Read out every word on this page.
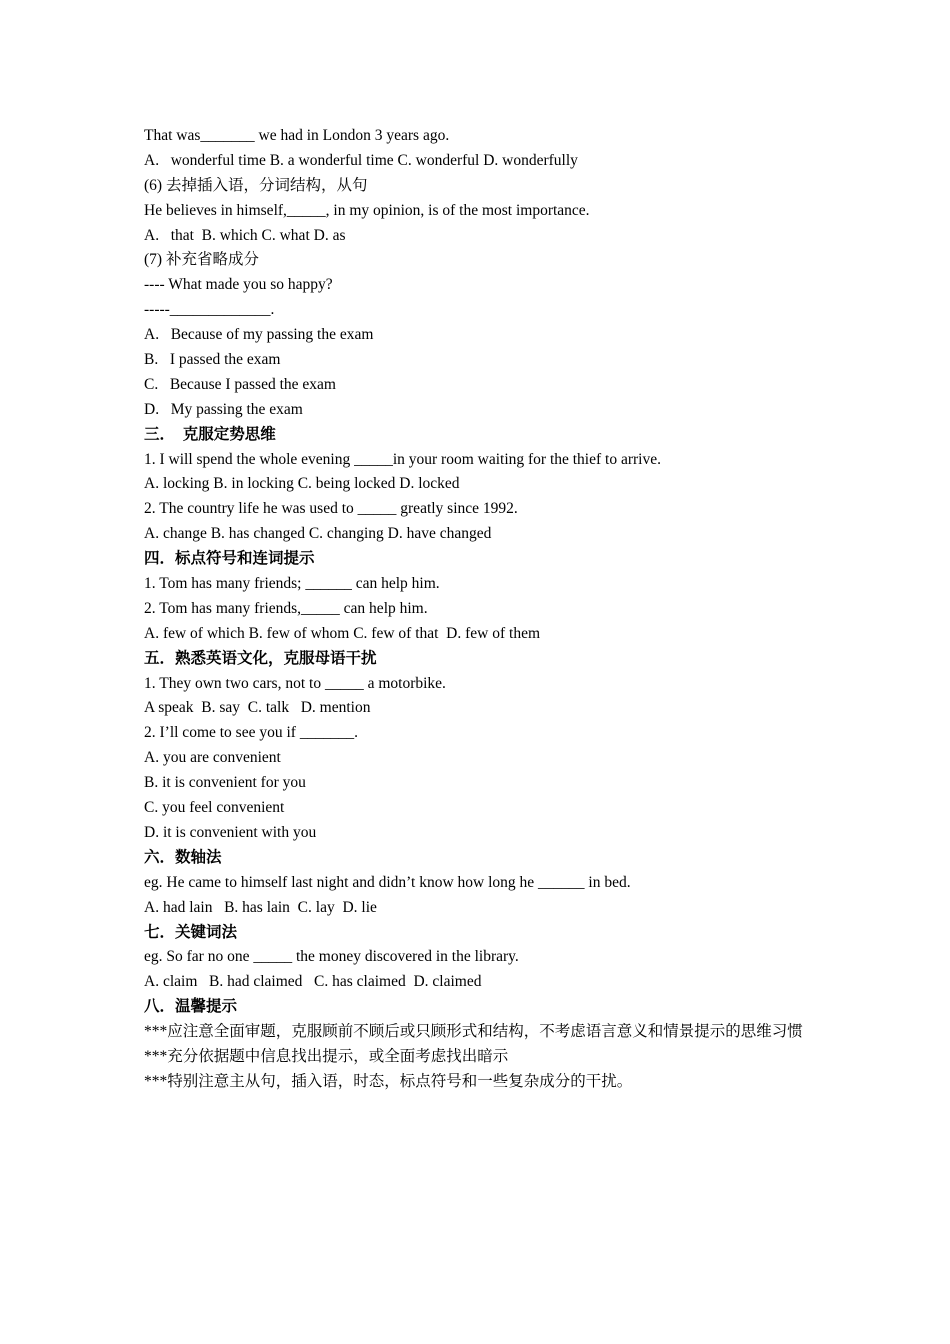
That was_______ we had in London 3 years ago.
A.   wonderful time B. a wonderful time C. wonderful D. wonderfully
(6) 去掉插入语，分词结构，从句
He believes in himself,_____, in my opinion, is of the most importance.
A.   that  B. which C. what D. as
(7) 补充省略成分
---- What made you so happy?
-----_____________.
A.   Because of my passing the exam
B.   I passed the exam
C.   Because I passed the exam
D.   My passing the exam
三．  克服定势思维
1. I will spend the whole evening _____in your room waiting for the thief to arrive.
A. locking B. in locking C. being locked D. locked
2. The country life he was used to _____ greatly since 1992.
A. change B. has changed C. changing D. have changed
四．标点符号和连词提示
1. Tom has many friends; ______ can help him.
2. Tom has many friends,_____ can help him.
A. few of which B. few of whom C. few of that  D. few of them
五．熟悉英语文化，克服母语干扰
1. They own two cars, not to _____ a motorbike.
A speak  B. say  C. talk   D. mention
2. I’ll come to see you if _______.
A. you are convenient
B. it is convenient for you
C. you feel convenient
D. it is convenient with you
六．数轴法
eg. He came to himself last night and didn’t know how long he ______ in bed.
A. had lain   B. has lain  C. lay  D. lie
七．关键词法
eg. So far no one _____ the money discovered in the library.
A. claim   B. had claimed   C. has claimed  D. claimed
八．温馨提示
***应注意全面审题，克服顾前不顾后或只顾形式和结构，不考虑语言意义和情景提示的思维习惯
***充分依据题中信息找出提示，或全面考虑找出暗示
***特别注意主从句，插入语，时态，标点符号和一些复杂成分的干扰。
